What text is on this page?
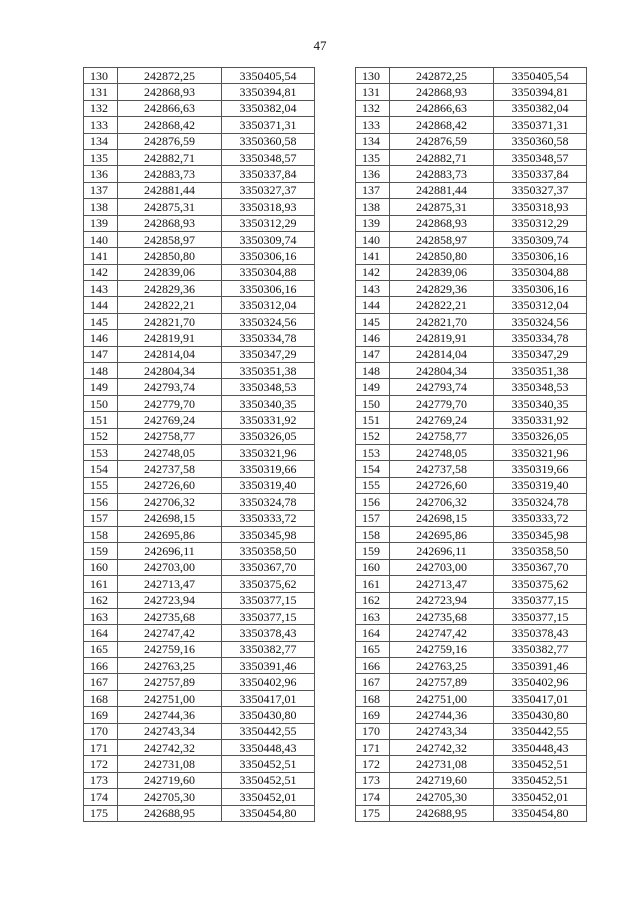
47
130	242872,25	3350405,54
131	242868,93	3350394,81
132	242866,63	3350382,04
133	242868,42	3350371,31
134	242876,59	3350360,58
135	242882,71	3350348,57
136	242883,73	3350337,84
137	242881,44	3350327,37
138	242875,31	3350318,93
139	242868,93	3350312,29
140	242858,97	3350309,74
141	242850,80	3350306,16
142	242839,06	3350304,88
143	242829,36	3350306,16
144	242822,21	3350312,04
145	242821,70	3350324,56
146	242819,91	3350334,78
147	242814,04	3350347,29
148	242804,34	3350351,38
149	242793,74	3350348,53
150	242779,70	3350340,35
151	242769,24	3350331,92
152	242758,77	3350326,05
153	242748,05	3350321,96
154	242737,58	3350319,66
155	242726,60	3350319,40
156	242706,32	3350324,78
157	242698,15	3350333,72
158	242695,86	3350345,98
159	242696,11	3350358,50
160	242703,00	3350367,70
161	242713,47	3350375,62
162	242723,94	3350377,15
163	242735,68	3350377,15
164	242747,42	3350378,43
165	242759,16	3350382,77
166	242763,25	3350391,46
167	242757,89	3350402,96
168	242751,00	3350417,01
169	242744,36	3350430,80
170	242743,34	3350442,55
171	242742,32	3350448,43
172	242731,08	3350452,51
173	242719,60	3350452,51
174	242705,30	3350452,01
175	242688,95	3350454,80
130	242872,25	3350405,54
131	242868,93	3350394,81
132	242866,63	3350382,04
133	242868,42	3350371,31
134	242876,59	3350360,58
135	242882,71	3350348,57
136	242883,73	3350337,84
137	242881,44	3350327,37
138	242875,31	3350318,93
139	242868,93	3350312,29
140	242858,97	3350309,74
141	242850,80	3350306,16
142	242839,06	3350304,88
143	242829,36	3350306,16
144	242822,21	3350312,04
145	242821,70	3350324,56
146	242819,91	3350334,78
147	242814,04	3350347,29
148	242804,34	3350351,38
149	242793,74	3350348,53
150	242779,70	3350340,35
151	242769,24	3350331,92
152	242758,77	3350326,05
153	242748,05	3350321,96
154	242737,58	3350319,66
155	242726,60	3350319,40
156	242706,32	3350324,78
157	242698,15	3350333,72
158	242695,86	3350345,98
159	242696,11	3350358,50
160	242703,00	3350367,70
161	242713,47	3350375,62
162	242723,94	3350377,15
163	242735,68	3350377,15
164	242747,42	3350378,43
165	242759,16	3350382,77
166	242763,25	3350391,46
167	242757,89	3350402,96
168	242751,00	3350417,01
169	242744,36	3350430,80
170	242743,34	3350442,55
171	242742,32	3350448,43
172	242731,08	3350452,51
173	242719,60	3350452,51
174	242705,30	3350452,01
175	242688,95	3350454,80
